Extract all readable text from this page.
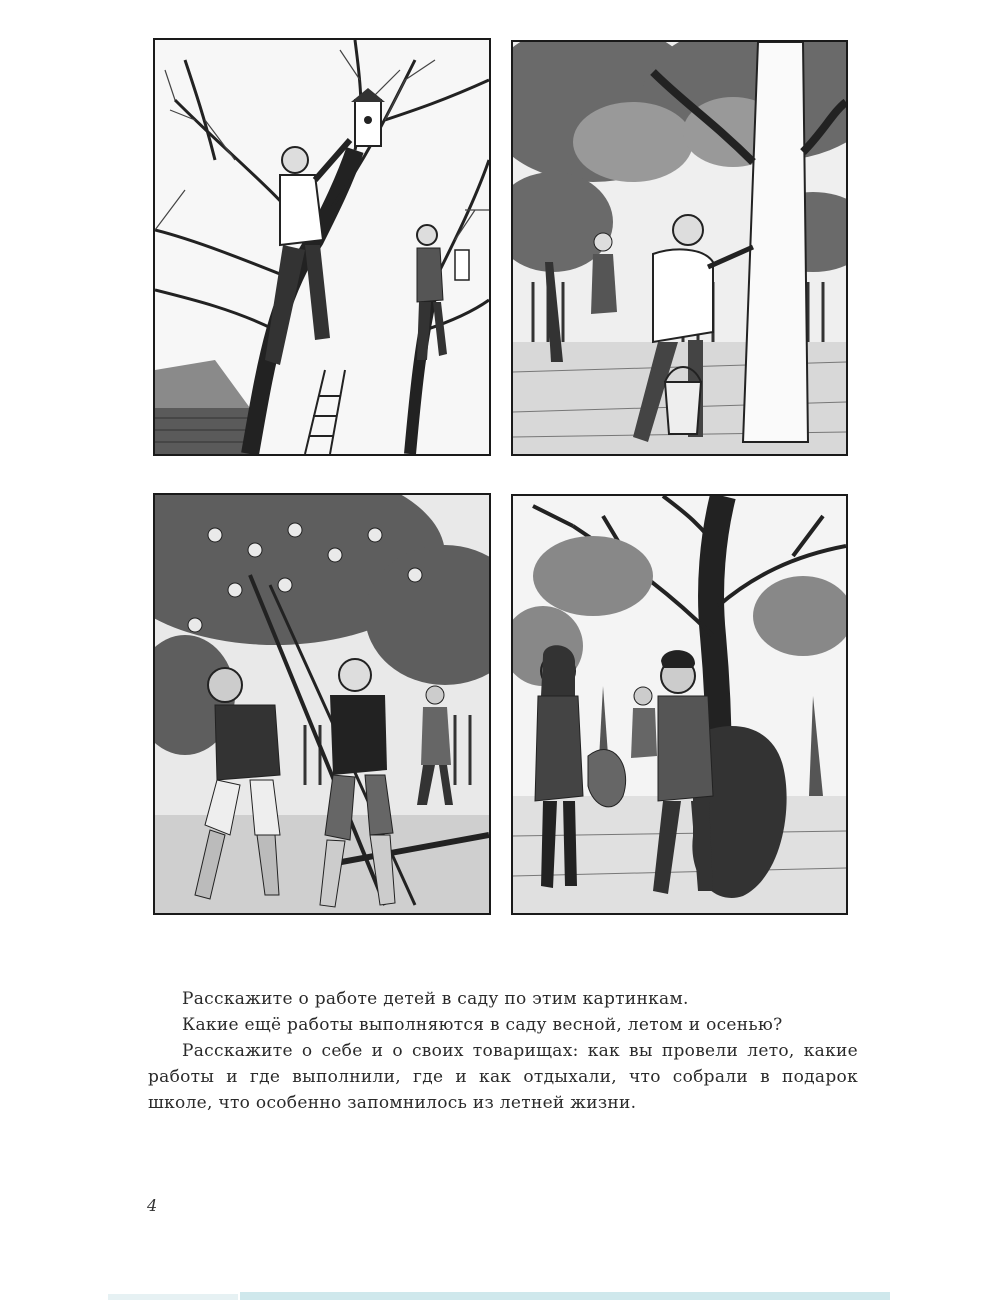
Расскажите о работе детей в саду по этим картинкам.

Какие ещё работы выполняются в саду весной, летом и осенью?

Расскажите о себе и о своих товарищах: как вы провели лето, какие работы и где выполнили, где и как отдыхали, что собрали в подарок школе, что особенно запомнилось из летней жизни.

4
